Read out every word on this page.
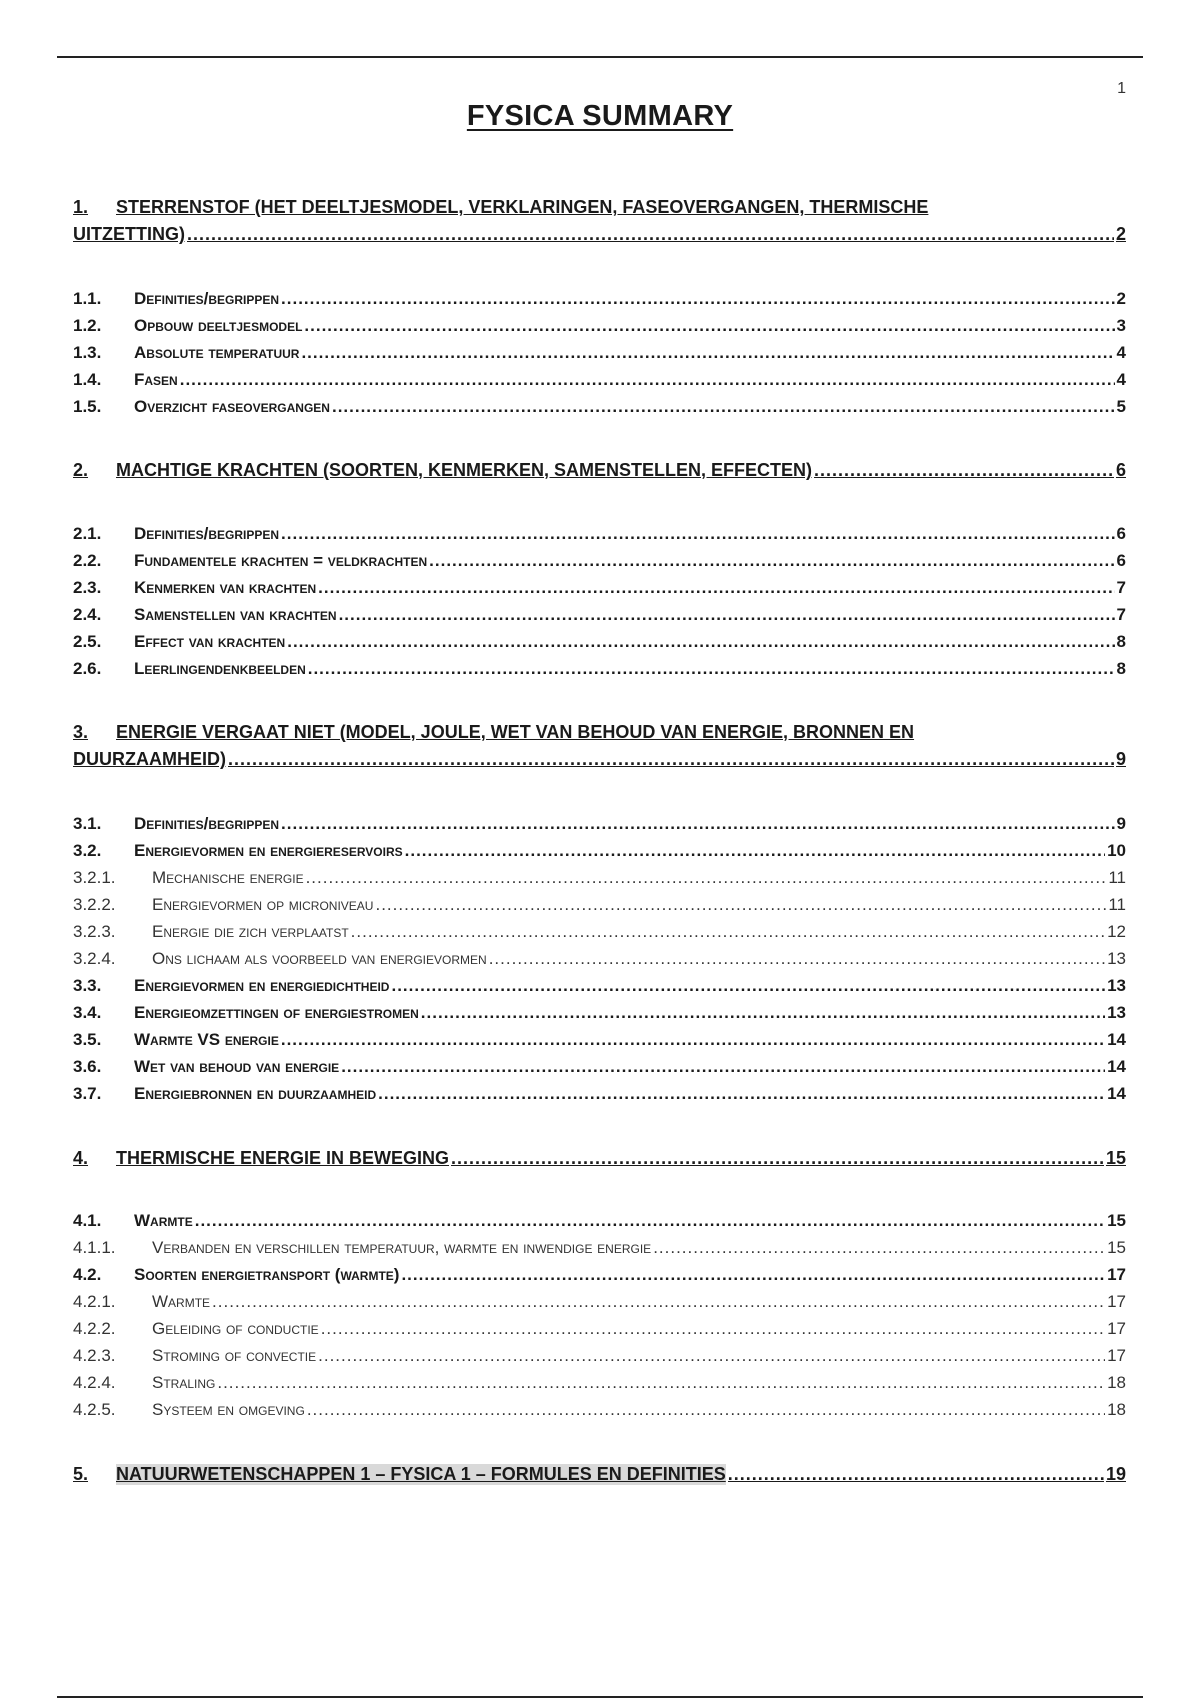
1
FYSICA SUMMARY
1.	STERRENSTOF (HET DEELTJESMODEL, VERKLARINGEN, FASEOVERGANGEN, THERMISCHE
UITZETTING) .....	2
1.1.	Definities/begrippen .....	2
1.2.	Opbouw deeltjesmodel .....	3
1.3.	Absolute temperatuur .....	4
1.4.	Fasen .....	4
1.5.	Overzicht faseovergangen .....	5
2.	MACHTIGE KRACHTEN (SOORTEN, KENMERKEN, SAMENSTELLEN, EFFECTEN) .....	6
2.1.	Definities/begrippen .....	6
2.2.	Fundamentele krachten = veldkrachten .....	6
2.3.	Kenmerken van krachten .....	7
2.4.	Samenstellen van krachten .....	7
2.5.	Effect van krachten .....	8
2.6.	Leerlingendenkbeelden .....	8
3.	ENERGIE VERGAAT NIET (MODEL, JOULE, WET VAN BEHOUD VAN ENERGIE, BRONNEN EN
DUURZAAMHEID) .....	9
3.1.	Definities/begrippen .....	9
3.2.	Energievormen en energiereservoirs .....	10
3.2.1.	Mechanische energie .....	11
3.2.2.	Energievormen op microniveau .....	11
3.2.3.	Energie die zich verplaatst .....	12
3.2.4.	Ons lichaam als voorbeeld van energievormen .....	13
3.3.	Energievormen en energiedichtheid .....	13
3.4.	Energieomzettingen of energiestromen .....	13
3.5.	Warmte VS energie .....	14
3.6.	Wet van behoud van energie .....	14
3.7.	Energiebronnen en duurzaamheid .....	14
4.	THERMISCHE ENERGIE IN BEWEGING .....	15
4.1.	Warmte .....	15
4.1.1.	Verbanden en verschillen temperatuur, warmte en inwendige energie .....	15
4.2.	Soorten energietransport (warmte) .....	17
4.2.1.	Warmte .....	17
4.2.2.	Geleiding of conductie .....	17
4.2.3.	Stroming of convectie .....	17
4.2.4.	Straling .....	18
4.2.5.	Systeem en omgeving .....	18
5.	NATUURWETENSCHAPPEN 1 – FYSICA 1 – FORMULES EN DEFINITIES .....	19
